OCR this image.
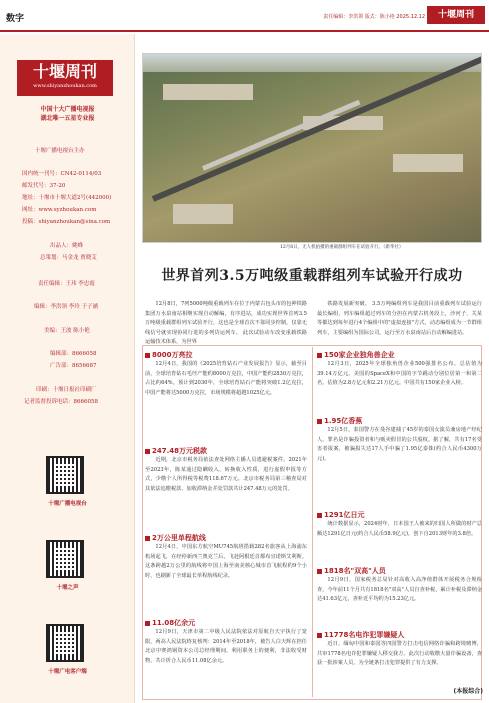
数字	责任编辑：李洪领 版式：陈小艳 2025.12.12	十堰周刊
十堰周刊
www.shiyanzhoukan.com
中国十大广播电视报
湖北唯一五星专业报
十堰广播电视台主办
国内统一刊号：CN42-0114/03
邮发代号：37-20
地址：十堰市十堰大道2号(442000)
网址：www.syzhoukan.com
投稿：shiyanzhoukan@sina.com
出品人：姚峰
总策划：马金龙 贾晓艾
责任编辑：王玮 李忠霞
编辑：李洪领 李玲 于子涵
美编：王波 陈小艳
编辑部：8666058
广告部：8656687
印刷：十堰日报社印刷厂
记者监督投诉电话：8666058
十堰广播电视台
十堰之声
十堰广电客户端
12月8日，无人机拍摄的重载群组列车在试验开行。（新华社）
世界首列3.5万吨级重载群组列车试验开行成功
12月8日，7列5000吨级重载列车在位于内蒙古包头市的包神铁路集团万水泉南站相继实现自动解编，有序进站，成功实现世界首列3.5万吨级重载群组列车试验开行，这也是全球首次不靠同步控制，仅靠无线信号就实现协同行进的多列货运列车。 此次试验动车改变重载铁路运输技术体系，为世界
铁路发展新突破。 3.5万吨编组列车是我国目前重载列车试验运行最长编组，列车编组超过列车的分担在内蒙古机务段上，沙河子、关某等都达到每年进行4个编组中的"虚拟连接"方式，动态编组成为一节群组列车，主要编组为国际公司，运行至万水泉南站后自动解编进站。
8000万亮拉
12月4日，我国的《2025培育钻石产业发展报告》显示，截至目前，全球培育钻石毛坯产能约8000万克拉，中国产能约2830万克拉，占比约64%。预计到2030年，全球培育钻石产能将突破1.2亿克拉，中国产能将达5000万克拉，市场规模将超越1025亿元。
247.48万元税款
近期，北京市税务局依法查处网络主播人员逃避税案件。2021年至2023年，陈某通过隐瞒收入、转换收入性质，进行虚假申报等方式，少缴个人所得税等税费118.67万元。北京市税务局第三稽查局对其依法追缴税款、加收滞纳金并处罚款共计247.48万元的处罚。
2万公里单程航线
12月4日，中国东方航空MU745航班搭载282名旅客从上海浦东机场起飞，在经停新西兰奥克兰后，飞赴阿根廷首都布宜诺斯艾利斯。这条跨越2万公里的航线将中国上海至南美核心城市首飞航程约9个小时，也刷新了全球最长单程航线纪录。
11.08亿余元
12月9日，天津市第二中级人民法院依法对原航自天宇执行了宽限。两高人民法院终复核判：2014年至2018年，被告人白天辉在担任北京中赛鸿钢资本公司总经理期间，利用职务上的便利，非法收受财物，共计折合人民币11.08亿余元。
150家企业独角兽企业
12月3日，2025年全球独角兽企业500强排名公布。总估值为39.14万亿元。美国的SpaceX和中国的字节跳动分别位居第一和第二名，估值为2.8万亿元和2.21万亿元。中国共有150家企业入榜。
1.95亿香蕉
12月5日，泰国警方在曼谷逮捕了45岁的泰国女演员兼房地产经纪人，罪名是诈骗投资者和与贩卖假冒的公共股权。据了解，共有17名受害者报案，被骗损失达17人手中骗了1.95亿泰铢(约合人民币4300万元)。
1291亿日元
统计数据显示，2024财年，日本国王人被来的归国人所做的财产总额达1291亿日元(约合人民币58.9亿元)，创下自2013财年的3.8倍。
1818名"双高"人员
12月9日，国家税务总局针对高收入高净值群体开展税务合规检查，今年前11个月共有1818名"双高"人员自查补税，累计补税及滞纳金达41.63亿元，查补近平均约为15.23亿元。
11778名电诈犯罪嫌疑人
近日，缅甸中国和泰国等四国警方打击电信网络诈骗和跨境赌博，共审1778名电诈犯罪嫌疑人移交我方。此次行动收缴大量诈骗设备，查获一批涉案人员，为全链条打击犯罪提供了有力支撑。
(本报综合)
